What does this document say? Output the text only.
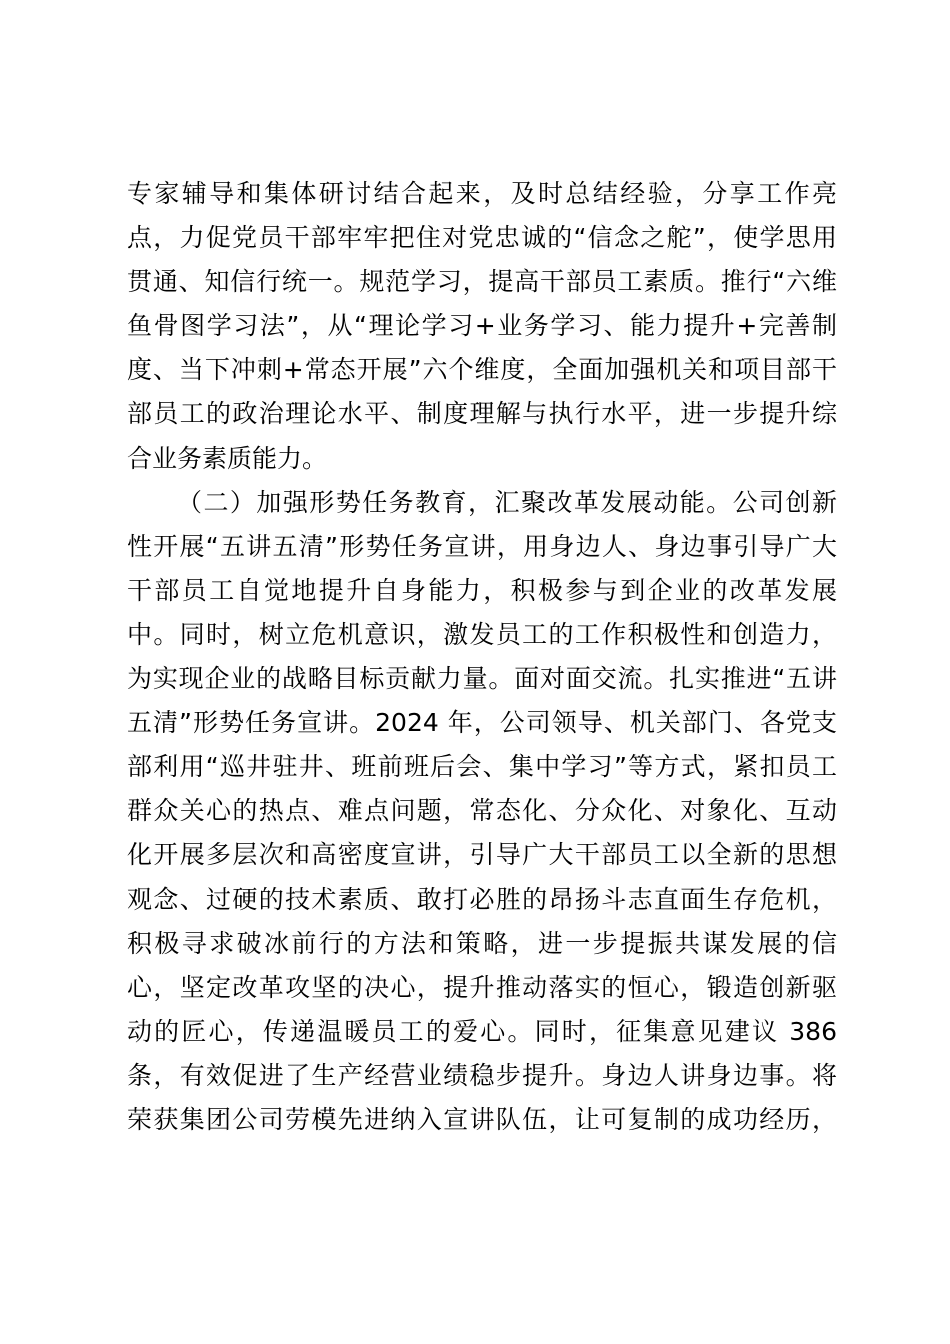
专家辅导和集体研讨结合起来，及时总结经验，分享工作亮
点，力促党员干部牢牢把住对党忠诚的“信念之舵”，使学思用
贯通、知信行统一。规范学习，提高干部员工素质。推行“六维
鱼骨图学习法”，从“理论学习+业务学习、能力提升+完善制
度、当下冲刺+常态开展”六个维度，全面加强机关和项目部干
部员工的政治理论水平、制度理解与执行水平，进一步提升综
合业务素质能力。
（二）加强形势任务教育，汇聚改革发展动能。公司创新
性开展“五讲五清”形势任务宣讲，用身边人、身边事引导广大
干部员工自觉地提升自身能力，积极参与到企业的改革发展
中。同时，树立危机意识，激发员工的工作积极性和创造力，
为实现企业的战略目标贡献力量。面对面交流。扎实推进“五讲
五清”形势任务宣讲。2024 年，公司领导、机关部门、各党支
部利用“巡井驻井、班前班后会、集中学习”等方式，紧扣员工
群众关心的热点、难点问题，常态化、分众化、对象化、互动
化开展多层次和高密度宣讲，引导广大干部员工以全新的思想
观念、过硬的技术素质、敢打必胜的昂扬斗志直面生存危机，
积极寻求破冰前行的方法和策略，进一步提振共谋发展的信
心，坚定改革攻坚的决心，提升推动落实的恒心，锻造创新驱
动的匠心，传递温暖员工的爱心。同时，征集意见建议 386
条，有效促进了生产经营业绩稳步提升。身边人讲身边事。将
荣获集团公司劳模先进纳入宣讲队伍，让可复制的成功经历，
